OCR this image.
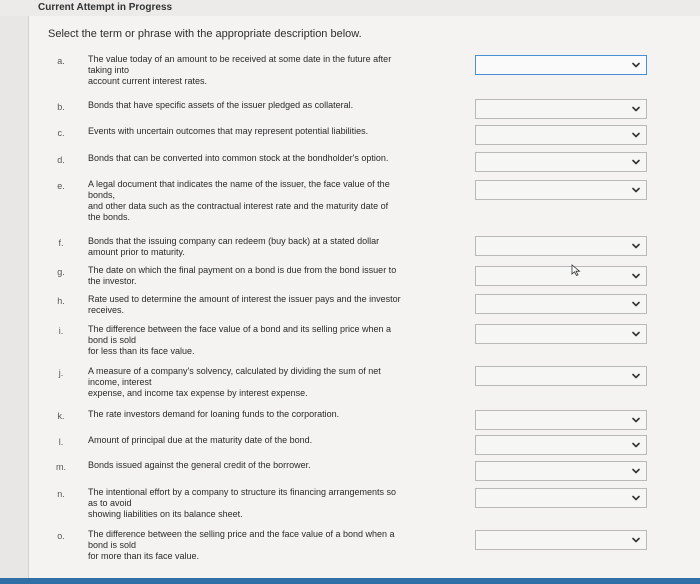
Current Attempt in Progress
Select the term or phrase with the appropriate description below.
a.	The value today of an amount to be received at some date in the future after
taking into
account current interest rates.
b.	Bonds that have specific assets of the issuer pledged as collateral.
c.	Events with uncertain outcomes that may represent potential liabilities.
d.	Bonds that can be converted into common stock at the bondholder's option.
e.	A legal document that indicates the name of the issuer, the face value of the
bonds,
and other data such as the contractual interest rate and the maturity date of
the bonds.
f.	Bonds that the issuing company can redeem (buy back) at a stated dollar
amount prior to maturity.
g.	The date on which the final payment on a bond is due from the bond issuer to
the investor.
h.	Rate used to determine the amount of interest the issuer pays and the investor
receives.
i.	The difference between the face value of a bond and its selling price when a
bond is sold
for less than its face value.
j.	A measure of a company's solvency, calculated by dividing the sum of net
income, interest
expense, and income tax expense by interest expense.
k.	The rate investors demand for loaning funds to the corporation.
l.	Amount of principal due at the maturity date of the bond.
m.	Bonds issued against the general credit of the borrower.
n.	The intentional effort by a company to structure its financing arrangements so
as to avoid
showing liabilities on its balance sheet.
o.	The difference between the selling price and the face value of a bond when a
bond is sold
for more than its face value.
